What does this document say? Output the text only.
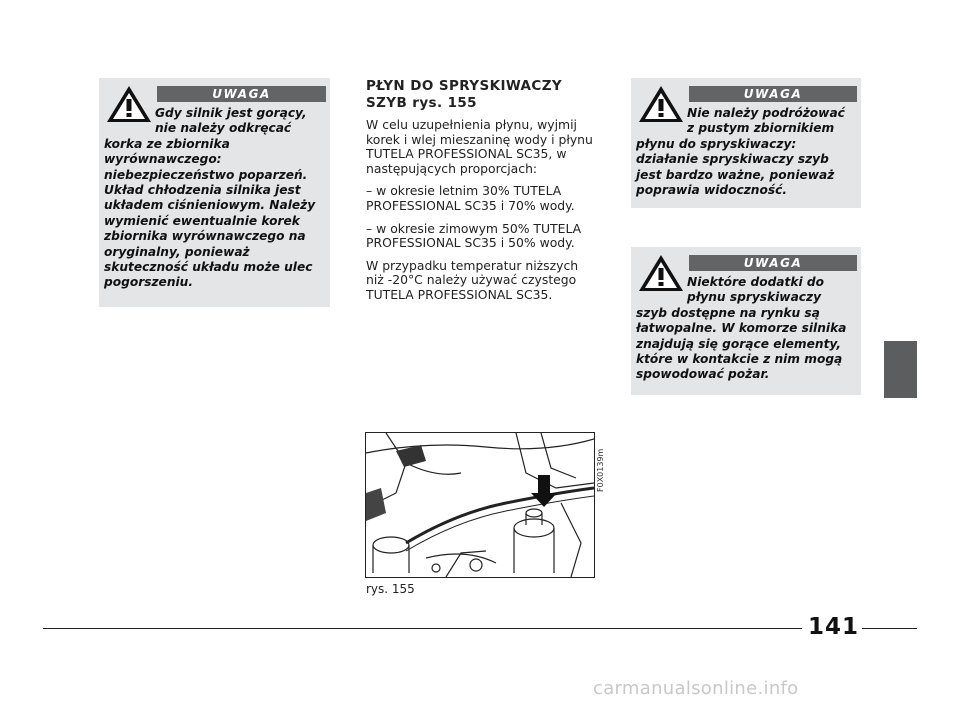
UWAGA
Gdy silnik jest gorący, nie należy odkręcać korka ze zbiornika wyrównawczego: niebezpieczeństwo poparzeń. Układ chłodzenia silnika jest układem ciśnieniowym. Należy wymienić ewentualnie korek zbiornika wyrównawczego na oryginalny, ponieważ skuteczność układu może ulec pogorszeniu.
UWAGA
Nie należy podróżować z pustym zbiornikiem płynu do spryskiwaczy: działanie spryskiwaczy szyb jest bardzo ważne, ponieważ poprawia widoczność.
UWAGA
Niektóre dodatki do płynu spryskiwaczy szyb dostępne na rynku są łatwopalne. W komorze silnika znajdują się gorące elementy, które w kontakcie z nim mogą spowodować pożar.
PŁYN DO SPRYSKIWACZY SZYB rys. 155

W celu uzupełnienia płynu, wyjmij korek i wlej mieszaninę wody i płynu TUTELA PROFESSIONAL SC35, w następujących proporcjach:

– w okresie letnim 30% TUTELA PROFESSIONAL SC35 i 70% wody.

– w okresie zimowym 50% TUTELA PROFESSIONAL SC35 i 50% wody.

W przypadku temperatur niższych niż -20°C należy używać czystego TUTELA PROFESSIONAL SC35.

F0X0139m
rys. 155
141
carmanualsonline.info
